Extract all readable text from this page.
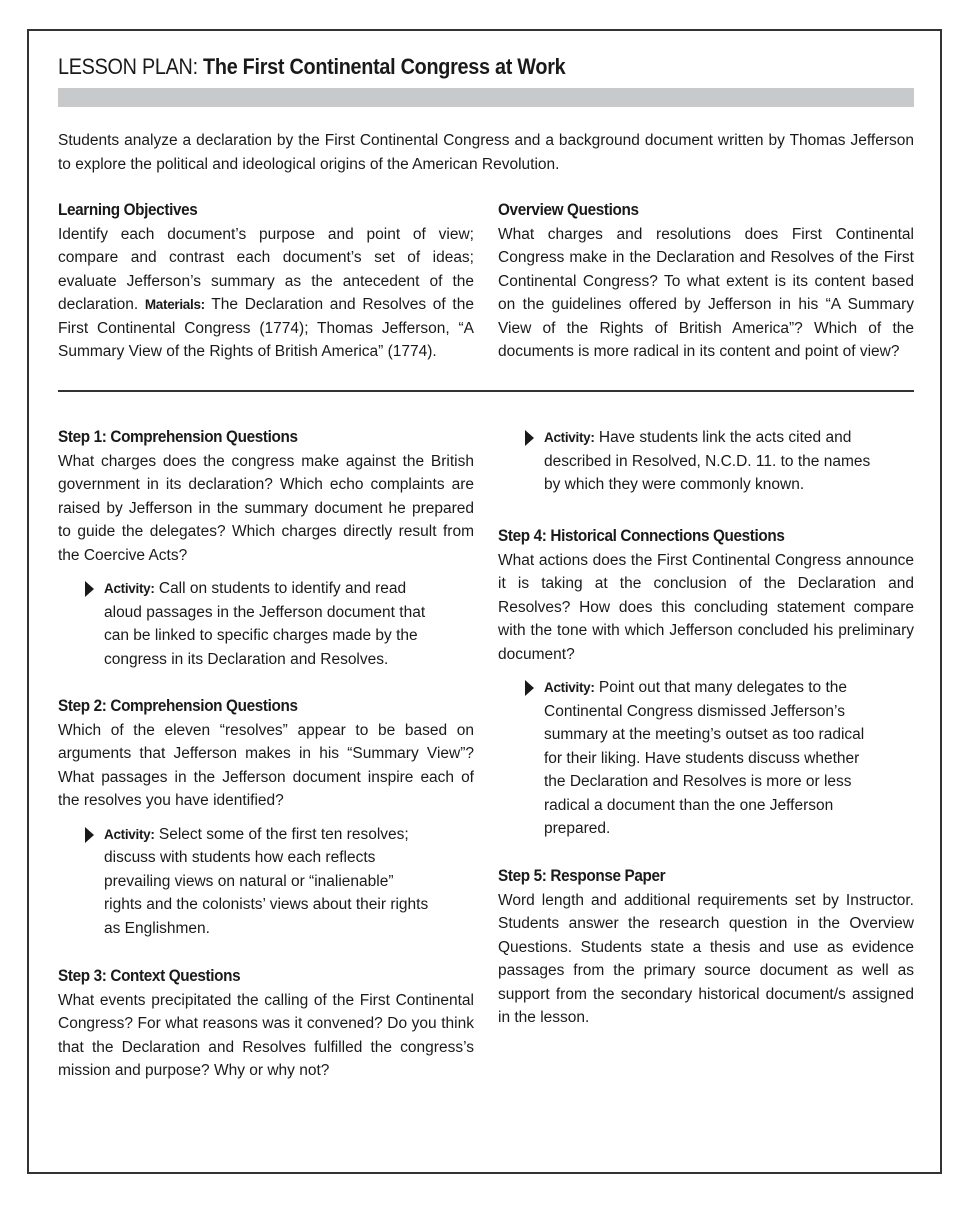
LESSON PLAN: The First Continental Congress at Work

Students analyze a declaration by the First Continental Congress and a background document written by Thomas Jefferson to explore the political and ideological origins of the American Revolution.

Learning Objectives

Identify each document’s purpose and point of view; compare and contrast each document’s set of ideas; evaluate Jefferson’s summary as the antecedent of the declaration. Materials: The Declaration and Resolves of the First Continental Congress (1774); Thomas Jefferson, “A Summary View of the Rights of British America” (1774).

Overview Questions

What charges and resolutions does First Continental Congress make in the Declaration and Resolves of the First Continental Congress? To what extent is its content based on the guidelines offered by Jefferson in his “A Summary View of the Rights of British America”? Which of the documents is more radical in its content and point of view?

Step 1: Comprehension Questions

What charges does the congress make against the British government in its declaration? Which echo complaints are raised by Jefferson in the summary document he prepared to guide the delegates? Which charges directly result from the Coercive Acts?

Activity: Call on students to identify and read aloud passages in the Jefferson document that can be linked to specific charges made by the congress in its Declaration and Resolves.
Step 2: Comprehension Questions

Which of the eleven “resolves” appear to be based on arguments that Jefferson makes in his “Summary View”? What passages in the Jefferson document inspire each of the resolves you have identified?

Activity: Select some of the first ten resolves; discuss with students how each reflects prevailing views on natural or “inalienable” rights and the colonists’ views about their rights as Englishmen.
Step 3: Context Questions

What events precipitated the calling of the First Continental Congress? For what reasons was it convened? Do you think that the Declaration and Resolves fulfilled the congress’s mission and purpose? Why or why not?

Activity: Have students link the acts cited and described in Resolved, N.C.D. 11. to the names by which they were commonly known.
Step 4: Historical Connections Questions

What actions does the First Continental Congress announce it is taking at the conclusion of the Declaration and Resolves? How does this concluding statement compare with the tone with which Jefferson concluded his preliminary document?

Activity: Point out that many delegates to the Continental Congress dismissed Jefferson’s summary at the meeting’s outset as too radical for their liking. Have students discuss whether the Declaration and Resolves is more or less radical a document than the one Jefferson prepared.
Step 5: Response Paper

Word length and additional requirements set by Instructor. Students answer the research question in the Overview Questions. Students state a thesis and use as evidence passages from the primary source document as well as support from the secondary historical document/s assigned in the lesson.
